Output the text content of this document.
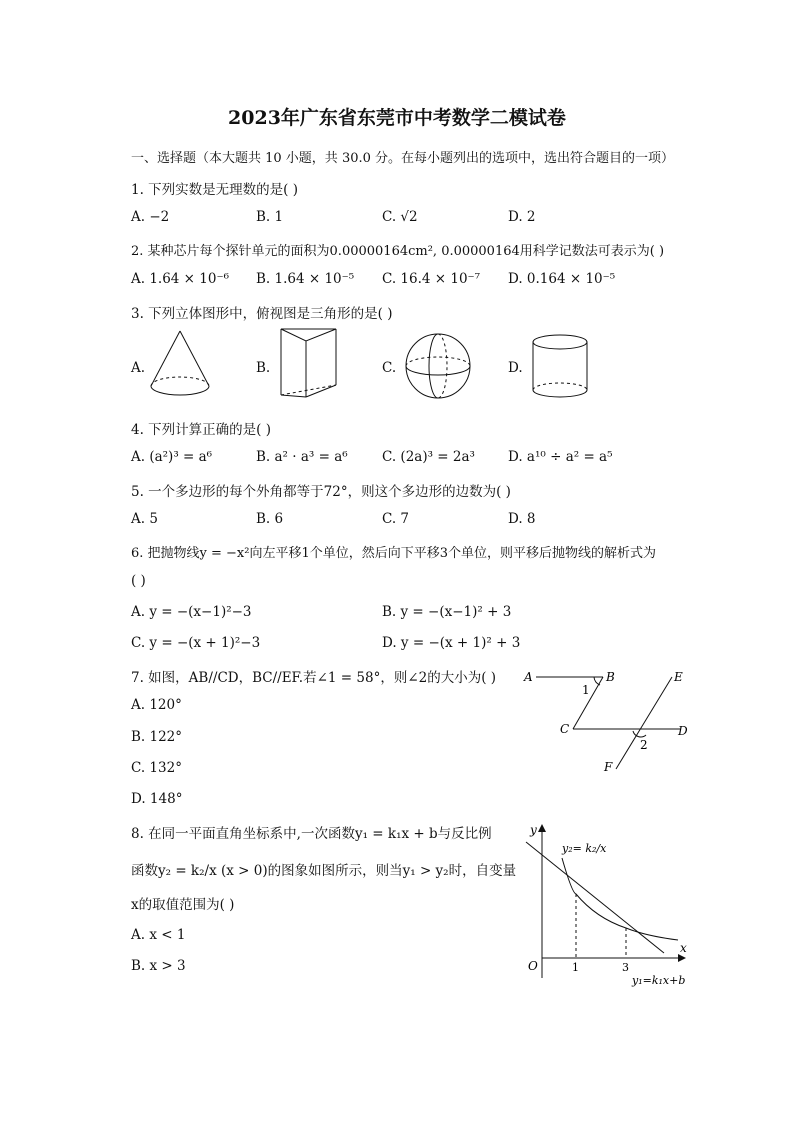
2023年广东省东莞市中考数学二模试卷
一、选择题（本大题共 10 小题，共 30.0 分。在每小题列出的选项中，选出符合题目的一项）
1. 下列实数是无理数的是( )
A. −2	B. 1	C. √2	D. 2
2. 某种芯片每个探针单元的面积为0.00000164cm², 0.00000164用科学记数法可表示为( )
A. 1.64 × 10⁻⁶ B. 1.64 × 10⁻⁵ C. 16.4 × 10⁻⁷ D. 0.164 × 10⁻⁵
3. 下列立体图形中，俯视图是三角形的是( )
A.	B.	C.	D.
4. 下列计算正确的是( )
A. (a²)³ = a⁶	B. a² · a³ = a⁶	C. (2a)³ = 2a³ D. a¹⁰ ÷ a² = a⁵
5. 一个多边形的每个外角都等于72°，则这个多边形的边数为( )
A. 5	B. 6	C. 7	D. 8
6. 把抛物线y = −x²向左平移1个单位，然后向下平移3个单位，则平移后抛物线的解析式为
( )
A. y = −(x−1)²−3	B. y = −(x−1)² + 3
C. y = −(x + 1)²−3	D. y = −(x + 1)² + 3
7. 如图，AB//CD，BC//EF.若∠1 = 58°，则∠2的大小为( )
A. 120°
B. 122°
C. 132°
D. 148°
A	B
1
E
C	D
2
F
8. 在同一平面直角坐标系中,一次函数y₁ = k₁x + b与反比例
函数y₂ = k₂/x (x > 0)的图象如图所示，则当y₁ > y₂时，自变量
x的取值范围为( )
A. x < 1
B. x > 3
y
x
O	1	3
y₂= k₂/x
y₁=k₁x+b
